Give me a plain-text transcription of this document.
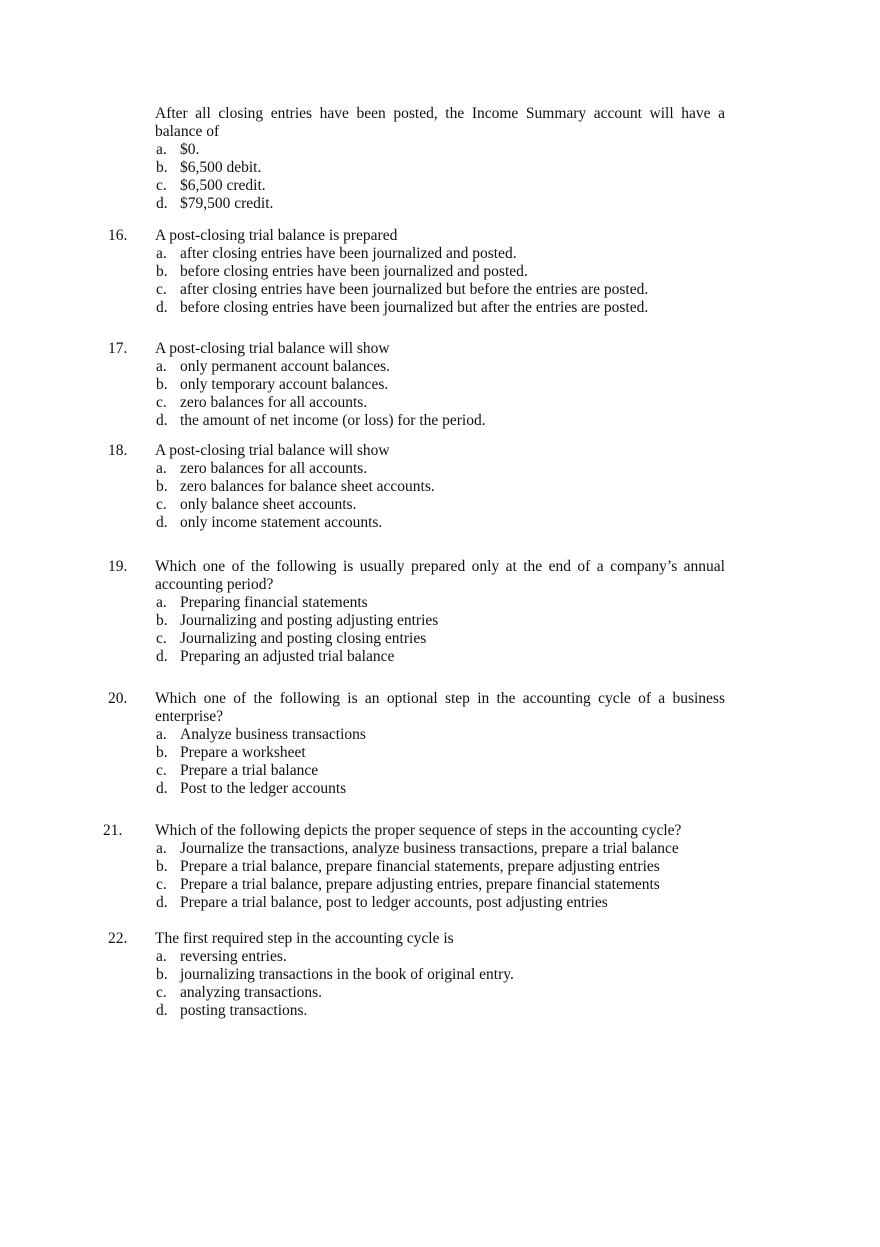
After all closing entries have been posted, the Income Summary account will have a balance of
a. $0.
b. $6,500 debit.
c. $6,500 credit.
d. $79,500 credit.
16.	A post-closing trial balance is prepared
a. after closing entries have been journalized and posted.
b. before closing entries have been journalized and posted.
c. after closing entries have been journalized but before the entries are posted.
d. before closing entries have been journalized but after the entries are posted.
17.	A post-closing trial balance will show
a. only permanent account balances.
b. only temporary account balances.
c. zero balances for all accounts.
d. the amount of net income (or loss) for the period.
18.	A post-closing trial balance will show
a. zero balances for all accounts.
b. zero balances for balance sheet accounts.
c. only balance sheet accounts.
d. only income statement accounts.
19.	Which one of the following is usually prepared only at the end of a company’s annual accounting period?
a. Preparing financial statements
b. Journalizing and posting adjusting entries
c. Journalizing and posting closing entries
d. Preparing an adjusted trial balance
20.	Which one of the following is an optional step in the accounting cycle of a business enterprise?
a. Analyze business transactions
b. Prepare a worksheet
c. Prepare a trial balance
d. Post to the ledger accounts
21.	Which of the following depicts the proper sequence of steps in the accounting cycle?
a. Journalize the transactions, analyze business transactions, prepare a trial balance
b. Prepare a trial balance, prepare financial statements, prepare adjusting entries
c. Prepare a trial balance, prepare adjusting entries, prepare financial statements
d. Prepare a trial balance, post to ledger accounts, post adjusting entries
22.	The first required step in the accounting cycle is
a. reversing entries.
b. journalizing transactions in the book of original entry.
c. analyzing transactions.
d. posting transactions.
